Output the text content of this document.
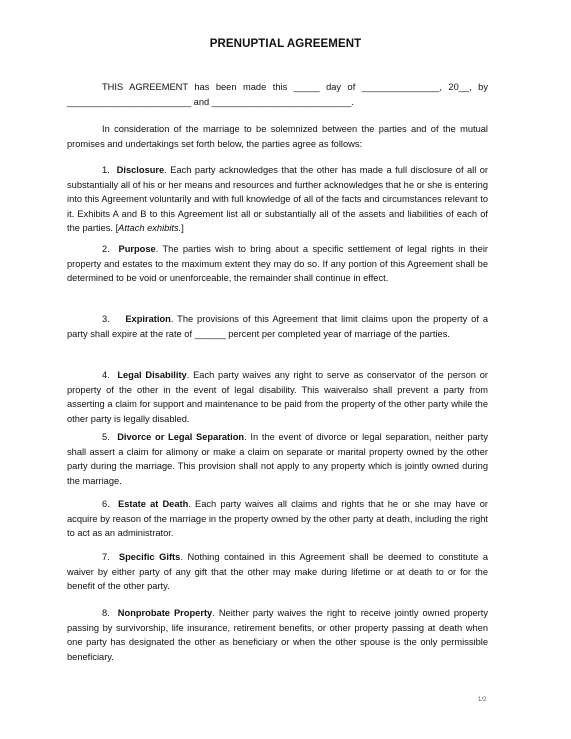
PRENUPTIAL AGREEMENT
THIS AGREEMENT has been made this _____ day of _______________, 20__, by ________________________ and ___________________________.
In consideration of the marriage to be solemnized between the parties and of the mutual promises and undertakings set forth below, the parties agree as follows:
1. Disclosure. Each party acknowledges that the other has made a full disclosure of all or substantially all of his or her means and resources and further acknowledges that he or she is entering into this Agreement voluntarily and with full knowledge of all of the facts and circumstances relevant to it. Exhibits A and B to this Agreement list all or substantially all of the assets and liabilities of each of the parties. [Attach exhibits.]
2. Purpose. The parties wish to bring about a specific settlement of legal rights in their property and estates to the maximum extent they may do so. If any portion of this Agreement shall be determined to be void or unenforceable, the remainder shall continue in effect.
3. Expiration. The provisions of this Agreement that limit claims upon the property of a party shall expire at the rate of ______ percent per completed year of marriage of the parties.
4. Legal Disability. Each party waives any right to serve as conservator of the person or property of the other in the event of legal disability. This waiveralso shall prevent a party from asserting a claim for support and maintenance to be paid from the property of the other party while the other party is legally disabled.
5. Divorce or Legal Separation. In the event of divorce or legal separation, neither party shall assert a claim for alimony or make a claim on separate or marital property owned by the other party during the marriage. This provision shall not apply to any property which is jointly owned during the marriage.
6. Estate at Death. Each party waives all claims and rights that he or she may have or acquire by reason of the marriage in the property owned by the other party at death, including the right to act as an administrator.
7. Specific Gifts. Nothing contained in this Agreement shall be deemed to constitute a waiver by either party of any gift that the other may make during lifetime or at death to or for the benefit of the other party.
8. Nonprobate Property. Neither party waives the right to receive jointly owned property passing by survivorship, life insurance, retirement benefits, or other property passing at death when one party has designated the other as beneficiary or when the other spouse is the only permissible beneficiary.
1/2
